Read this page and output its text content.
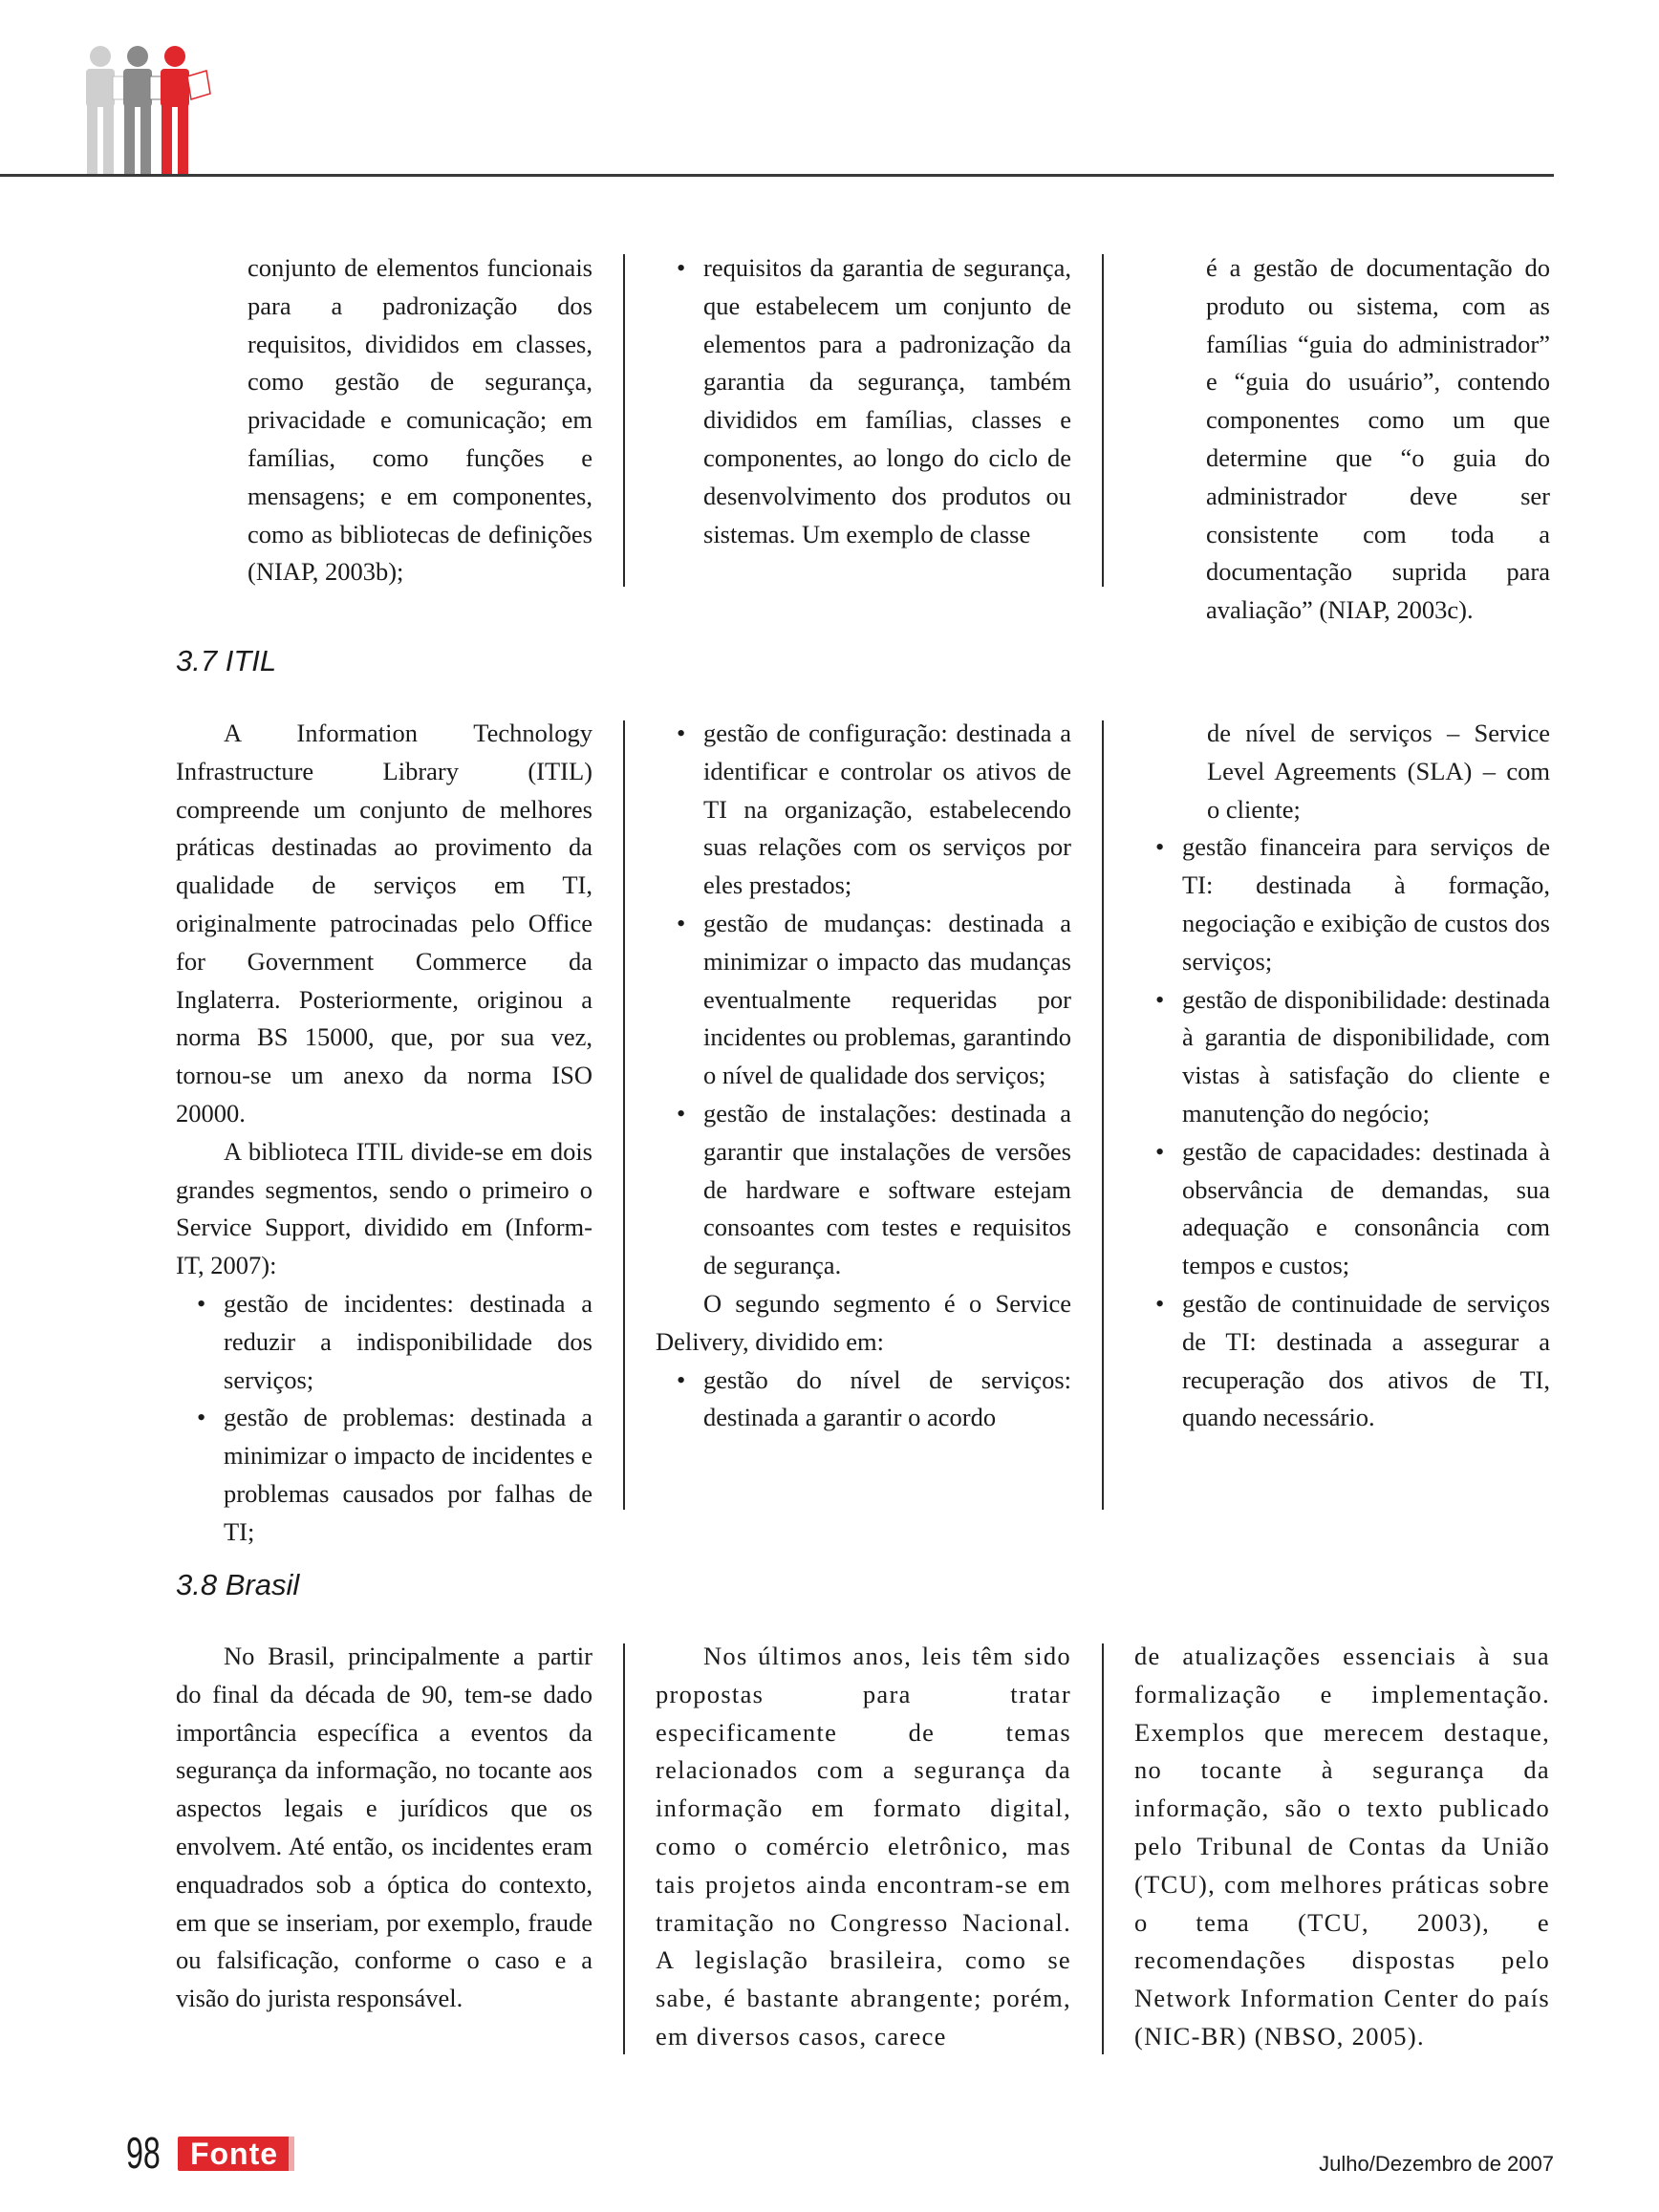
conjunto de elementos funcionais para a padronização dos requisitos, divididos em classes, como gestão de segurança, privacidade e comunicação; em famílias, como funções e mensagens; e em componentes, como as bibliotecas de definições (NIAP, 2003b);

• requisitos da garantia de segurança, que estabelecem um conjunto de elementos para a padronização da garantia da segurança, também divididos em famílias, classes e componentes, ao longo do ciclo de desenvolvimento dos produtos ou sistemas. Um exemplo de classe

é a gestão de documentação do produto ou sistema, com as famílias “guia do administrador” e “guia do usuário”, contendo componentes como um que determine que “o guia do administrador deve ser consistente com toda a documentação suprida para avaliação” (NIAP, 2003c).

3.7 ITIL

A Information Technology Infrastructure Library (ITIL) compreende um conjunto de melhores práticas destinadas ao provimento da qualidade de serviços em TI, originalmente patrocinadas pelo Office for Government Commerce da Inglaterra. Posteriormente, originou a norma BS 15000, que, por sua vez, tornou-se um anexo da norma ISO 20000.

A biblioteca ITIL divide-se em dois grandes segmentos, sendo o primeiro o Service Support, dividido em (Inform-IT, 2007):

• gestão de incidentes: destinada a reduzir a indisponibilidade dos serviços;
• gestão de problemas: destinada a minimizar o impacto de incidentes e problemas causados por falhas de TI;
• gestão de configuração: destinada a identificar e controlar os ativos de TI na organização, estabelecendo suas relações com os serviços por eles prestados;
• gestão de mudanças: destinada a minimizar o impacto das mudanças eventualmente requeridas por incidentes ou problemas, garantindo o nível de qualidade dos serviços;
• gestão de instalações: destinada a garantir que instalações de versões de hardware e software estejam consoantes com testes e requisitos de segurança.

O segundo segmento é o Service Delivery, dividido em:

• gestão do nível de serviços: destinada a garantir o acordo

de nível de serviços – Service Level Agreements (SLA) – com o cliente;

• gestão financeira para serviços de TI: destinada à formação, negociação e exibição de custos dos serviços;
• gestão de disponibilidade: destinada à garantia de disponibilidade, com vistas à satisfação do cliente e manutenção do negócio;
• gestão de capacidades: destinada à observância de demandas, sua adequação e consonância com tempos e custos;
• gestão de continuidade de serviços de TI: destinada a assegurar a recuperação dos ativos de TI, quando necessário.
3.8 Brasil

No Brasil, principalmente a partir do final da década de 90, tem-se dado importância específica a eventos da segurança da informação, no tocante aos aspectos legais e jurídicos que os envolvem. Até então, os incidentes eram enquadrados sob a óptica do contexto, em que se inseriam, por exemplo, fraude ou falsificação, conforme o caso e a visão do jurista responsável.

Nos últimos anos, leis têm sido propostas para tratar especificamente de temas relacionados com a segurança da informação em formato digital, como o comércio eletrônico, mas tais projetos ainda encontram-se em tramitação no Congresso Nacional. A legislação brasileira, como se sabe, é bastante abrangente; porém, em diversos casos, carece

de atualizações essenciais à sua formalização e implementação. Exemplos que merecem destaque, no tocante à segurança da informação, são o texto publicado pelo Tribunal de Contas da União (TCU), com melhores práticas sobre o tema (TCU, 2003), e recomendações dispostas pelo Network Information Center do país (NIC-BR) (NBSO, 2005).

98 Fonte	Julho/Dezembro de 2007
